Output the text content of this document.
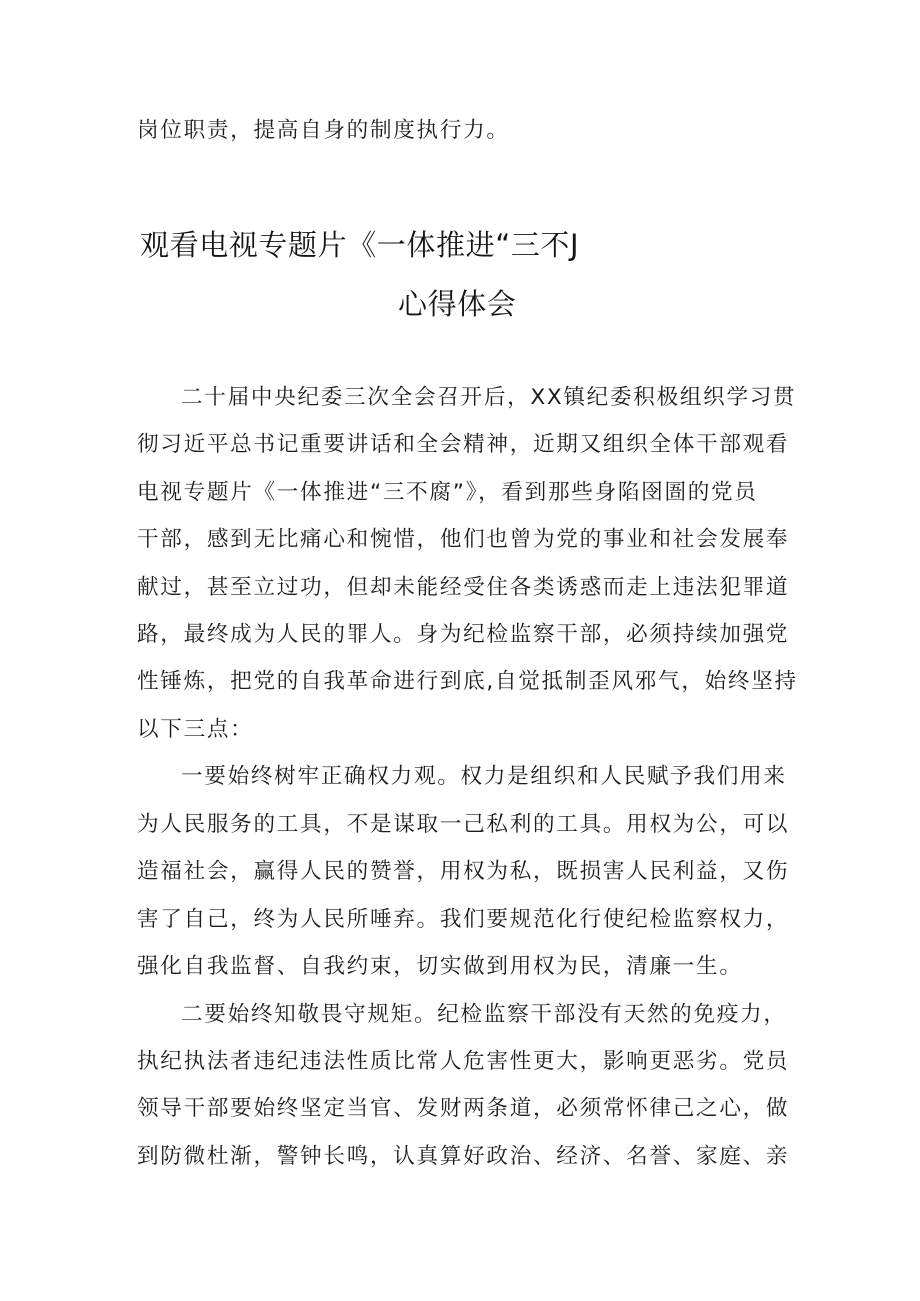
岗位职责，提高自身的制度执行力。
观看电视专题片《一体推进“三不J
心得体会
二十届中央纪委三次全会召开后，XX镇纪委积极组织学习贯
彻习近平总书记重要讲话和全会精神，近期又组织全体干部观看
电视专题片《一体推进“三不腐”》，看到那些身陷囹圄的党员
干部，感到无比痛心和惋惜，他们也曾为党的事业和社会发展奉
献过，甚至立过功，但却未能经受住各类诱惑而走上违法犯罪道
路，最终成为人民的罪人。身为纪检监察干部，必须持续加强党
性锤炼，把党的自我革命进行到底,自觉抵制歪风邪气，始终坚持
以下三点：
一要始终树牢正确权力观。权力是组织和人民赋予我们用来
为人民服务的工具，不是谋取一己私利的工具。用权为公，可以
造福社会，赢得人民的赞誉，用权为私，既损害人民利益，又伤
害了自己，终为人民所唾弃。我们要规范化行使纪检监察权力，
强化自我监督、自我约束，切实做到用权为民，清廉一生。
二要始终知敬畏守规矩。纪检监察干部没有天然的免疫力，
执纪执法者违纪违法性质比常人危害性更大，影响更恶劣。党员
领导干部要始终坚定当官、发财两条道，必须常怀律己之心，做
到防微杜渐，警钟长鸣，认真算好政治、经济、名誉、家庭、亲
